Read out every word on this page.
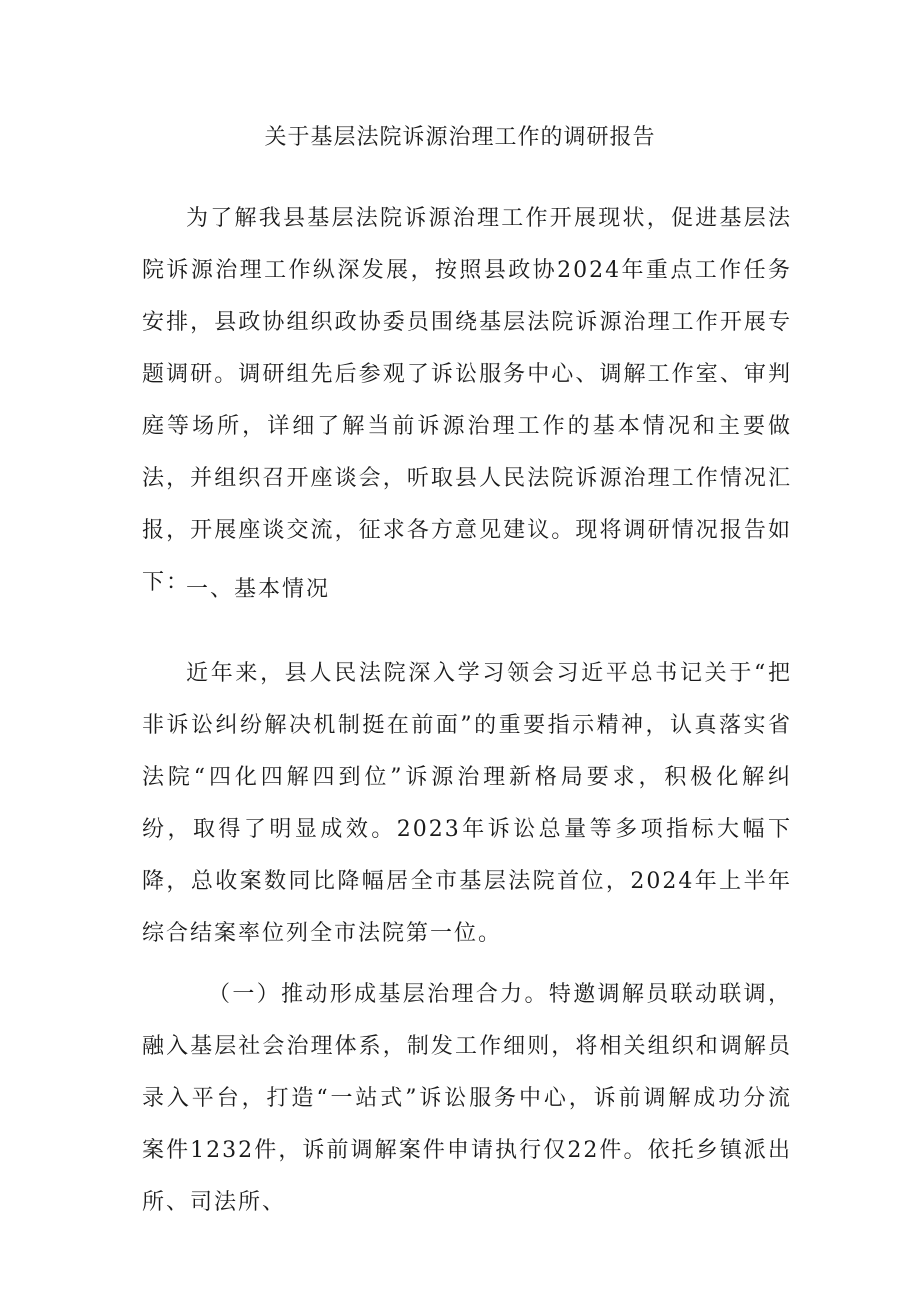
关于基层法院诉源治理工作的调研报告

为了解我县基层法院诉源治理工作开展现状，促进基层法院诉源治理工作纵深发展，按照县政协2024年重点工作任务安排，县政协组织政协委员围绕基层法院诉源治理工作开展专题调研。调研组先后参观了诉讼服务中心、调解工作室、审判庭等场所，详细了解当前诉源治理工作的基本情况和主要做法，并组织召开座谈会，听取县人民法院诉源治理工作情况汇报，开展座谈交流，征求各方意见建议。现将调研情况报告如下：

一、基本情况

近年来，县人民法院深入学习领会习近平总书记关于“把非诉讼纠纷解决机制挺在前面”的重要指示精神，认真落实省法院“四化四解四到位”诉源治理新格局要求，积极化解纠纷，取得了明显成效。2023年诉讼总量等多项指标大幅下降，总收案数同比降幅居全市基层法院首位，2024年上半年综合结案率位列全市法院第一位。

（一）推动形成基层治理合力。特邀调解员联动联调，融入基层社会治理体系，制发工作细则，将相关组织和调解员录入平台，打造“一站式”诉讼服务中心，诉前调解成功分流案件1232件，诉前调解案件申请执行仅22件。依托乡镇派出所、司法所、
